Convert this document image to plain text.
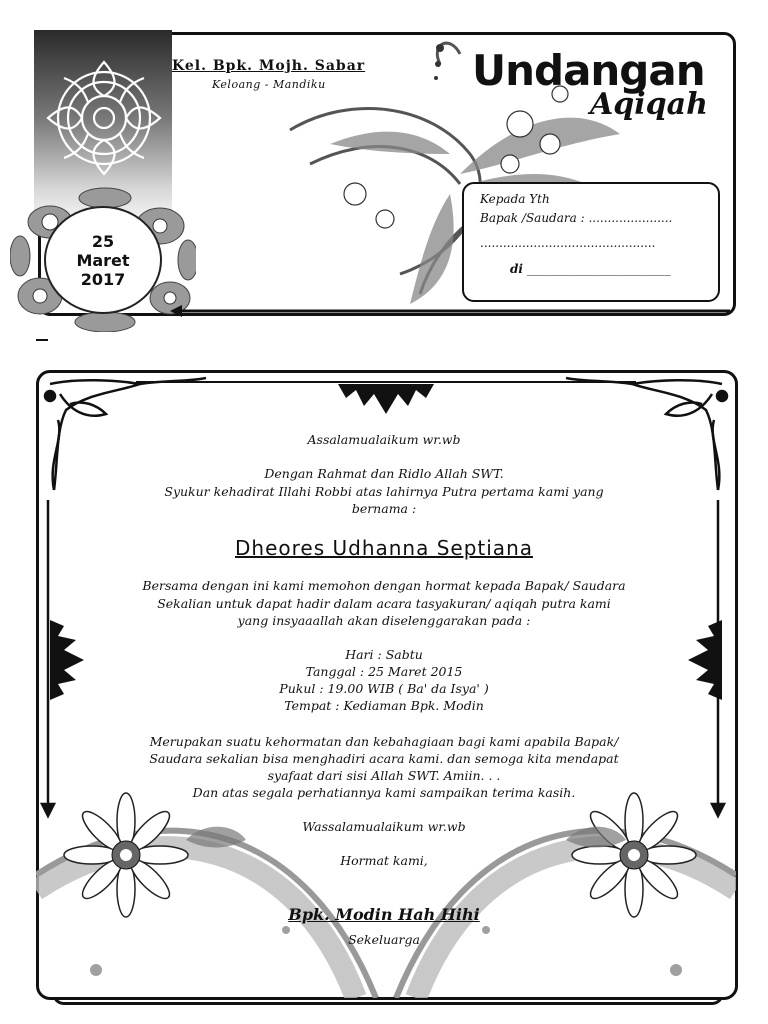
Kel. Bpk. Mojh. Sabar
Keloang - Mandiku	Undangan
Aqiqah
Kepada Yth
Bapak /Saudara : ......................
..............................................
di ________________________
25
Maret
2017
Assalamualaikum wr.wb
Dengan Rahmat dan Ridlo Allah SWT.
Syukur kehadirat Illahi Robbi atas lahirnya Putra pertama kami yang
bernama :
Dheores Udhanna Septiana
Bersama dengan ini kami memohon dengan hormat kepada Bapak/ Saudara
Sekalian untuk dapat hadir dalam acara tasyakuran/ aqiqah putra kami
yang insyaaallah akan diselenggarakan pada :
Hari : Sabtu
Tanggal : 25 Maret 2015
Pukul : 19.00 WIB ( Ba' da Isya' )
Tempat : Kediaman Bpk. Modin
Merupakan suatu kehormatan dan kebahagiaan bagi kami apabila Bapak/
Saudara sekalian bisa menghadiri acara kami. dan semoga kita mendapat
syafaat dari sisi Allah SWT. Amiin. . .
Dan atas segala perhatiannya kami sampaikan terima kasih.
Wassalamualaikum wr.wb
Hormat kami,
Bpk. Modin Hah Hihi
Sekeluarga
